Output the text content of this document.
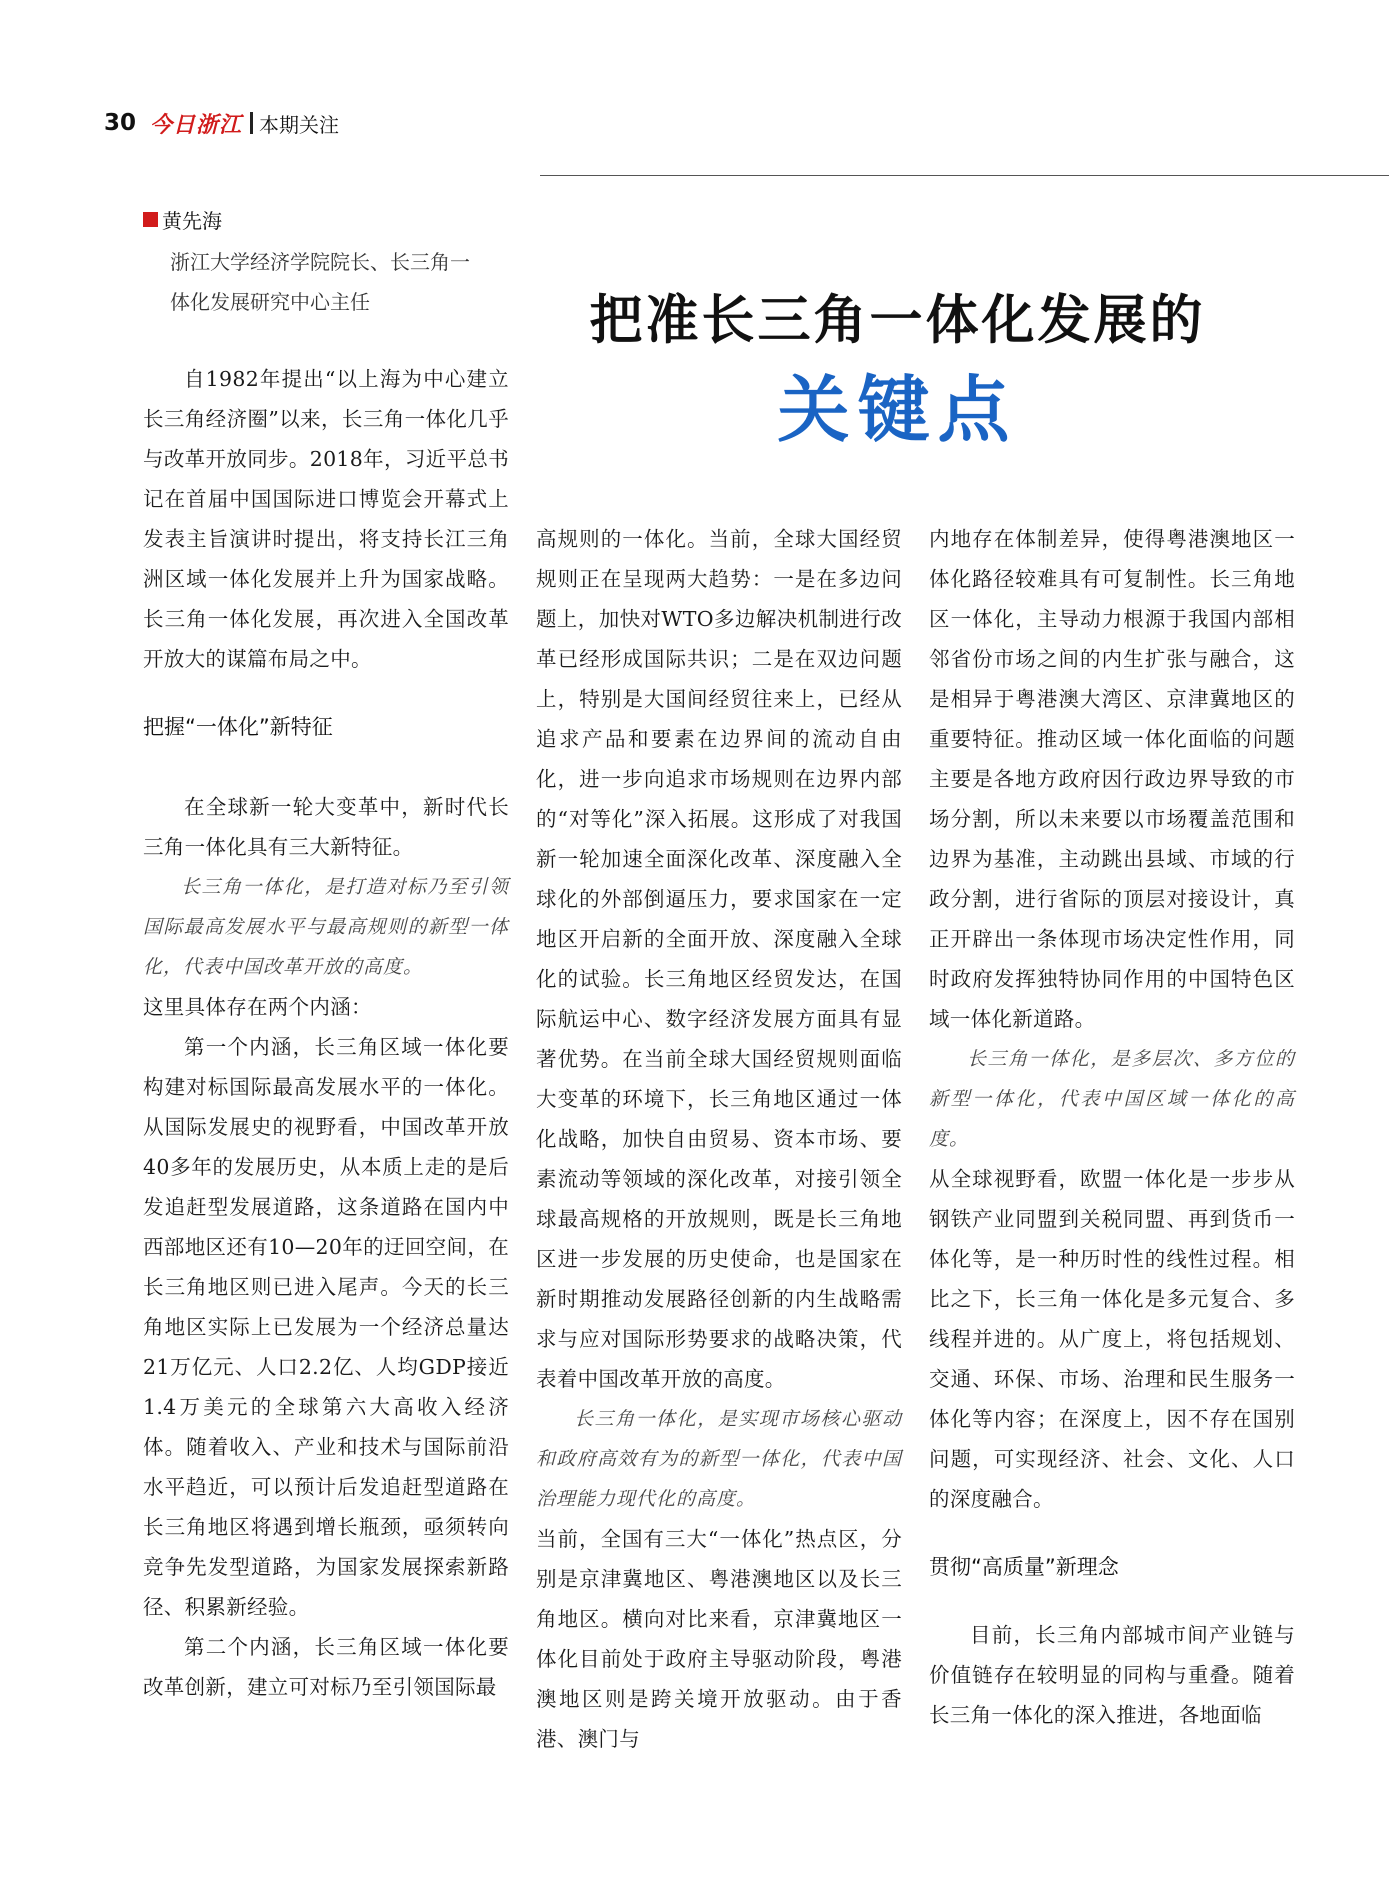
30 今日浙江 本期关注
黄先海
浙江大学经济学院院长、长三角一
体化发展研究中心主任	把准长三角一体化发展的
关键点

自1982年提出“以上海为中心建立长三角经济圈”以来，长三角一体化几乎与改革开放同步。2018年，习近平总书记在首届中国国际进口博览会开幕式上发表主旨演讲时提出，将支持长江三角洲区域一体化发展并上升为国家战略。长三角一体化发展，再次进入全国改革开放大的谋篇布局之中。

把握“一体化”新特征

在全球新一轮大变革中，新时代长三角一体化具有三大新特征。

长三角一体化，是打造对标乃至引领国际最高发展水平与最高规则的新型一体化，代表中国改革开放的高度。

这里具体存在两个内涵：

第一个内涵，长三角区域一体化要构建对标国际最高发展水平的一体化。从国际发展史的视野看，中国改革开放40多年的发展历史，从本质上走的是后发追赶型发展道路，这条道路在国内中西部地区还有10—20年的迂回空间，在长三角地区则已进入尾声。今天的长三角地区实际上已发展为一个经济总量达21万亿元、人口2.2亿、人均GDP接近1.4万美元的全球第六大高收入经济体。随着收入、产业和技术与国际前沿水平趋近，可以预计后发追赶型道路在长三角地区将遇到增长瓶颈，亟须转向竞争先发型道路，为国家发展探索新路径、积累新经验。

第二个内涵，长三角区域一体化要改革创新，建立可对标乃至引领国际最

高规则的一体化。当前，全球大国经贸规则正在呈现两大趋势：一是在多边问题上，加快对WTO多边解决机制进行改革已经形成国际共识；二是在双边问题上，特别是大国间经贸往来上，已经从追求产品和要素在边界间的流动自由化，进一步向追求市场规则在边界内部的“对等化”深入拓展。这形成了对我国新一轮加速全面深化改革、深度融入全球化的外部倒逼压力，要求国家在一定地区开启新的全面开放、深度融入全球化的试验。长三角地区经贸发达，在国际航运中心、数字经济发展方面具有显著优势。在当前全球大国经贸规则面临大变革的环境下，长三角地区通过一体化战略，加快自由贸易、资本市场、要素流动等领域的深化改革，对接引领全球最高规格的开放规则，既是长三角地区进一步发展的历史使命，也是国家在新时期推动发展路径创新的内生战略需求与应对国际形势要求的战略决策，代表着中国改革开放的高度。

长三角一体化，是实现市场核心驱动和政府高效有为的新型一体化，代表中国治理能力现代化的高度。

当前，全国有三大“一体化”热点区，分别是京津冀地区、粤港澳地区以及长三角地区。横向对比来看，京津冀地区一体化目前处于政府主导驱动阶段，粤港澳地区则是跨关境开放驱动。由于香港、澳门与

内地存在体制差异，使得粤港澳地区一体化路径较难具有可复制性。长三角地区一体化，主导动力根源于我国内部相邻省份市场之间的内生扩张与融合，这是相异于粤港澳大湾区、京津冀地区的重要特征。推动区域一体化面临的问题主要是各地方政府因行政边界导致的市场分割，所以未来要以市场覆盖范围和边界为基准，主动跳出县域、市域的行政分割，进行省际的顶层对接设计，真正开辟出一条体现市场决定性作用，同时政府发挥独特协同作用的中国特色区域一体化新道路。

长三角一体化，是多层次、多方位的新型一体化，代表中国区域一体化的高度。

从全球视野看，欧盟一体化是一步步从钢铁产业同盟到关税同盟、再到货币一体化等，是一种历时性的线性过程。相比之下，长三角一体化是多元复合、多线程并进的。从广度上，将包括规划、交通、环保、市场、治理和民生服务一体化等内容；在深度上，因不存在国别问题，可实现经济、社会、文化、人口的深度融合。

贯彻“高质量”新理念

目前，长三角内部城市间产业链与价值链存在较明显的同构与重叠。随着长三角一体化的深入推进，各地面临
